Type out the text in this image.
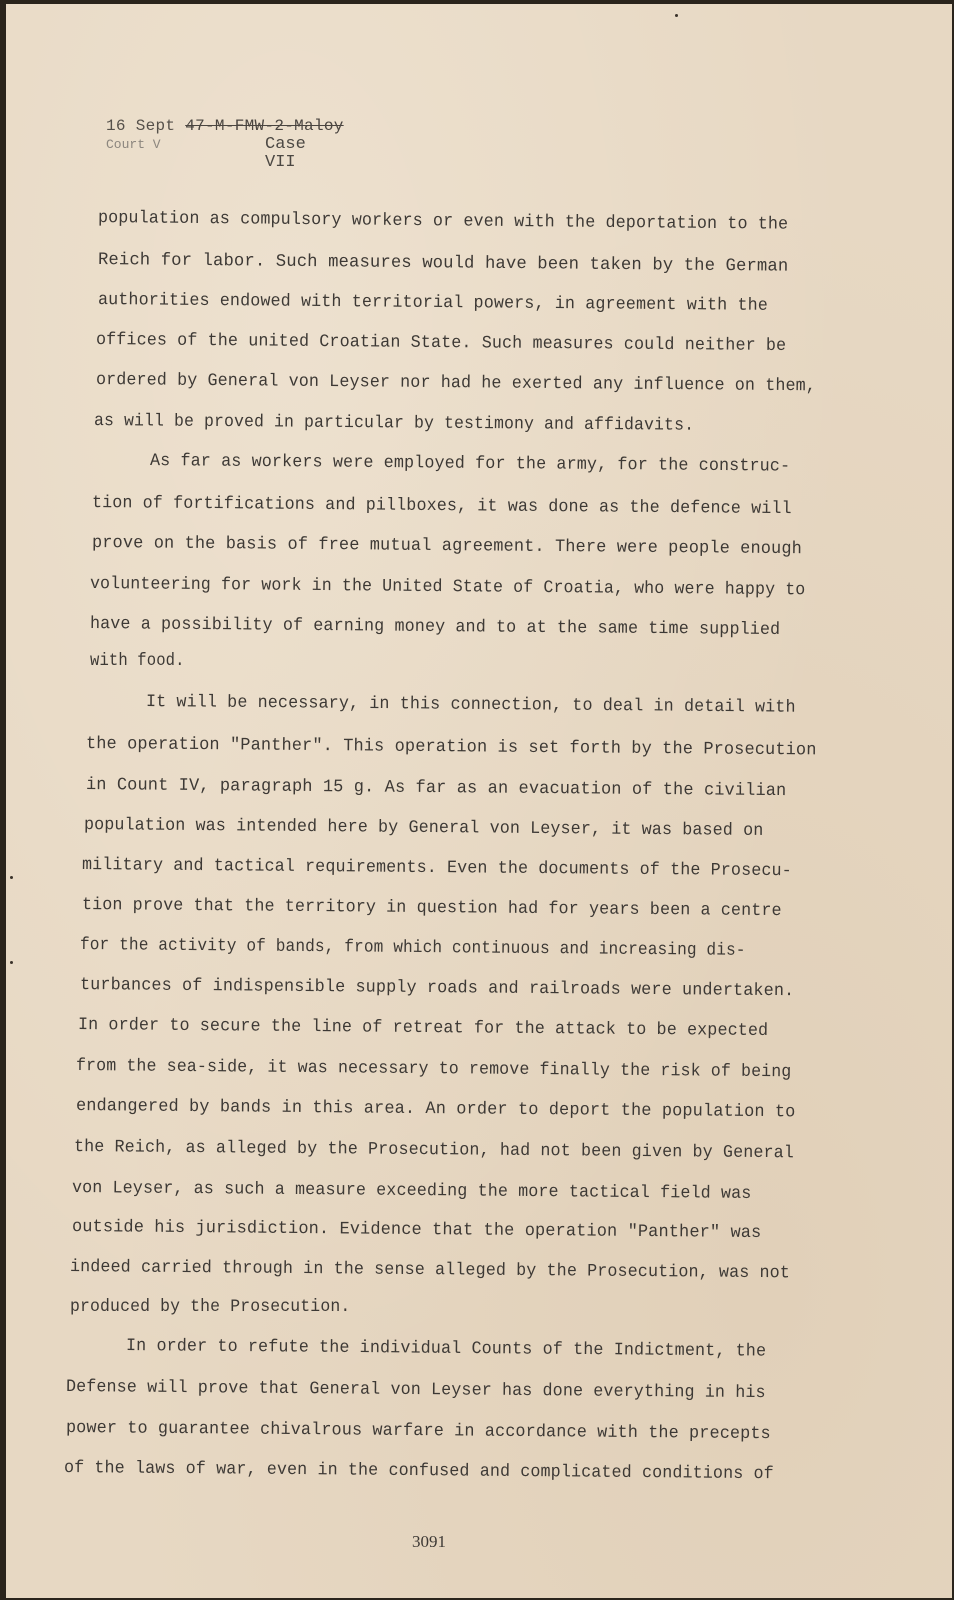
16 Sept 47-M-FMW-2-Maloy
Court V	Case VII
population as compulsory workers or even with the deportation to the
Reich for labor. Such measures would have been taken by the German
authorities endowed with territorial powers, in agreement with the
offices of the united Croatian State. Such measures could neither be
ordered by General von Leyser nor had he exerted any influence on them,
as will be proved in particular by testimony and affidavits.
As far as workers were employed for the army, for the construc-
tion of fortifications and pillboxes, it was done as the defence will
prove on the basis of free mutual agreement. There were people enough
volunteering for work in the United State of Croatia, who were happy to
have a possibility of earning money and to at the same time supplied
with food.
It will be necessary, in this connection, to deal in detail with
the operation "Panther". This operation is set forth by the Prosecution
in Count IV, paragraph 15 g. As far as an evacuation of the civilian
population was intended here by General von Leyser, it was based on
military and tactical requirements. Even the documents of the Prosecu-
tion prove that the territory in question had for years been a centre
for the activity of bands, from which continuous and increasing dis-
turbances of indispensible supply roads and railroads were undertaken.
In order to secure the line of retreat for the attack to be expected
from the sea-side, it was necessary to remove finally the risk of being
endangered by bands in this area. An order to deport the population to
the Reich, as alleged by the Prosecution, had not been given by General
von Leyser, as such a measure exceeding the more tactical field was
outside his jurisdiction. Evidence that the operation "Panther" was
indeed carried through in the sense alleged by the Prosecution, was not
produced by the Prosecution.
In order to refute the individual Counts of the Indictment, the
Defense will prove that General von Leyser has done everything in his
power to guarantee chivalrous warfare in accordance with the precepts
of the laws of war, even in the confused and complicated conditions of
3091
